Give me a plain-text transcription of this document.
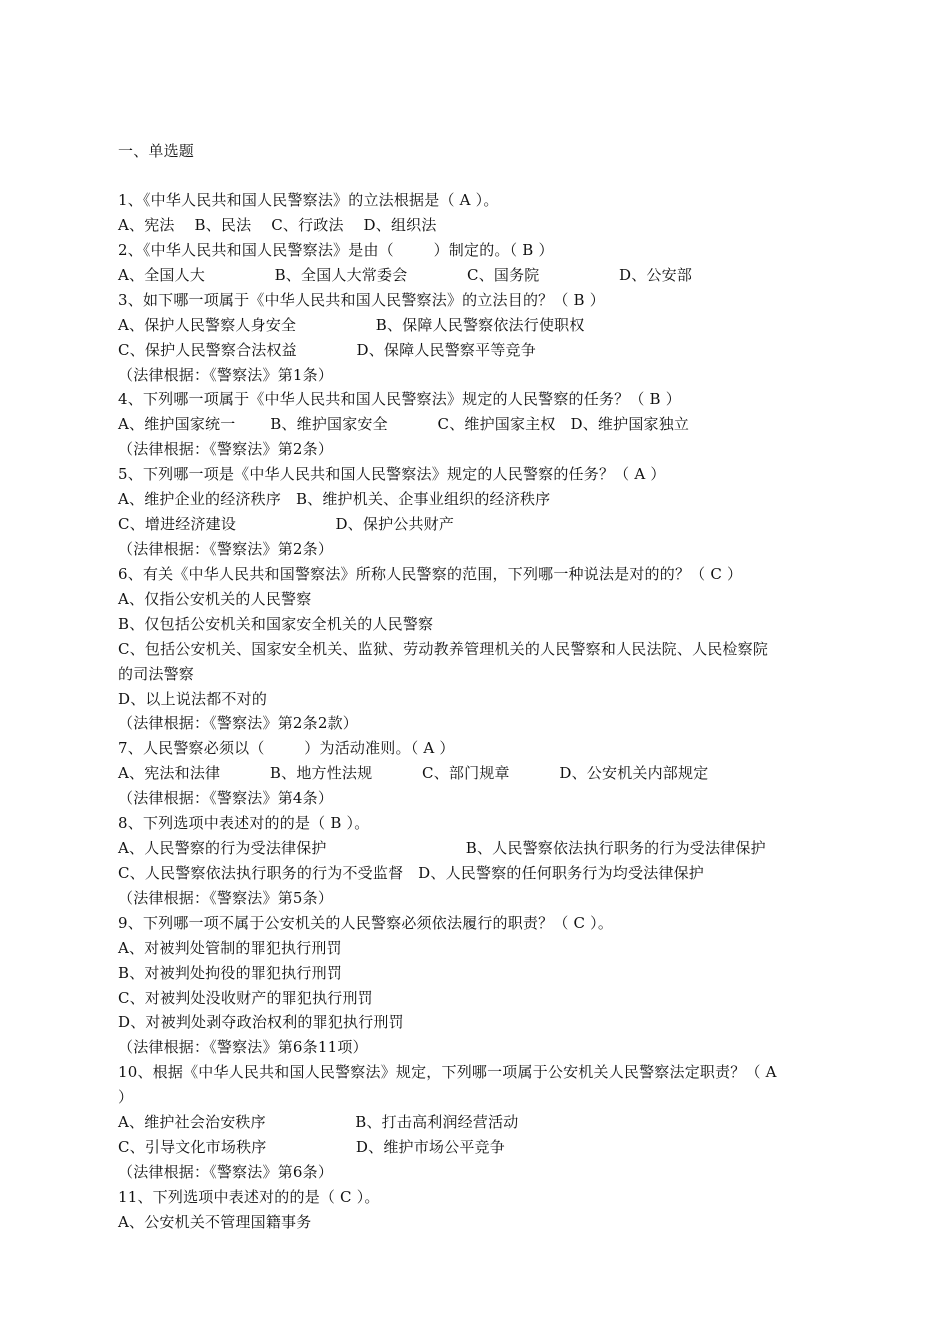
一、单选题
1、《中华人民共和国人民警察法》的立法根据是（ A ）。
A、宪法    B、民法    C、行政法    D、组织法
2、《中华人民共和国人民警察法》是由（        ）制定的。（ B ）
A、全国人大              B、全国人大常委会            C、国务院                D、公安部
3、如下哪一项属于《中华人民共和国人民警察法》的立法目的？（ B ）
A、保护人民警察人身安全                B、保障人民警察依法行使职权
C、保护人民警察合法权益            D、保障人民警察平等竞争
（法律根据：《警察法》第1条）
4、下列哪一项属于《中华人民共和国人民警察法》规定的人民警察的任务？（ B ）
A、维护国家统一       B、维护国家安全          C、维护国家主权   D、维护国家独立
（法律根据：《警察法》第2条）
5、下列哪一项是《中华人民共和国人民警察法》规定的人民警察的任务？（ A ）
A、维护企业的经济秩序   B、维护机关、企事业组织的经济秩序
C、增进经济建设                    D、保护公共财产
（法律根据：《警察法》第2条）
6、有关《中华人民共和国警察法》所称人民警察的范围，下列哪一种说法是对的的？（ C ）
A、仅指公安机关的人民警察
B、仅包括公安机关和国家安全机关的人民警察
C、包括公安机关、国家安全机关、监狱、劳动教养管理机关的人民警察和人民法院、人民检察院
的司法警察
D、以上说法都不对的
（法律根据：《警察法》第2条2款）
7、人民警察必须以（        ）为活动准则。（ A ）
A、宪法和法律          B、地方性法规          C、部门规章          D、公安机关内部规定
（法律根据：《警察法》第4条）
8、下列选项中表述对的的是（ B ）。
A、人民警察的行为受法律保护                            B、人民警察依法执行职务的行为受法律保护
C、人民警察依法执行职务的行为不受监督   D、人民警察的任何职务行为均受法律保护
（法律根据：《警察法》第5条）
9、下列哪一项不属于公安机关的人民警察必须依法履行的职责？（ C ）。
A、对被判处管制的罪犯执行刑罚
B、对被判处拘役的罪犯执行刑罚
C、对被判处没收财产的罪犯执行刑罚
D、对被判处剥夺政治权利的罪犯执行刑罚
（法律根据：《警察法》第6条11项）
10、根据《中华人民共和国人民警察法》规定，下列哪一项属于公安机关人民警察法定职责？（ A
）
A、维护社会治安秩序                  B、打击高利润经营活动
C、引导文化市场秩序                  D、维护市场公平竞争
（法律根据：《警察法》第6条）
11、下列选项中表述对的的是（ C ）。
A、公安机关不管理国籍事务
